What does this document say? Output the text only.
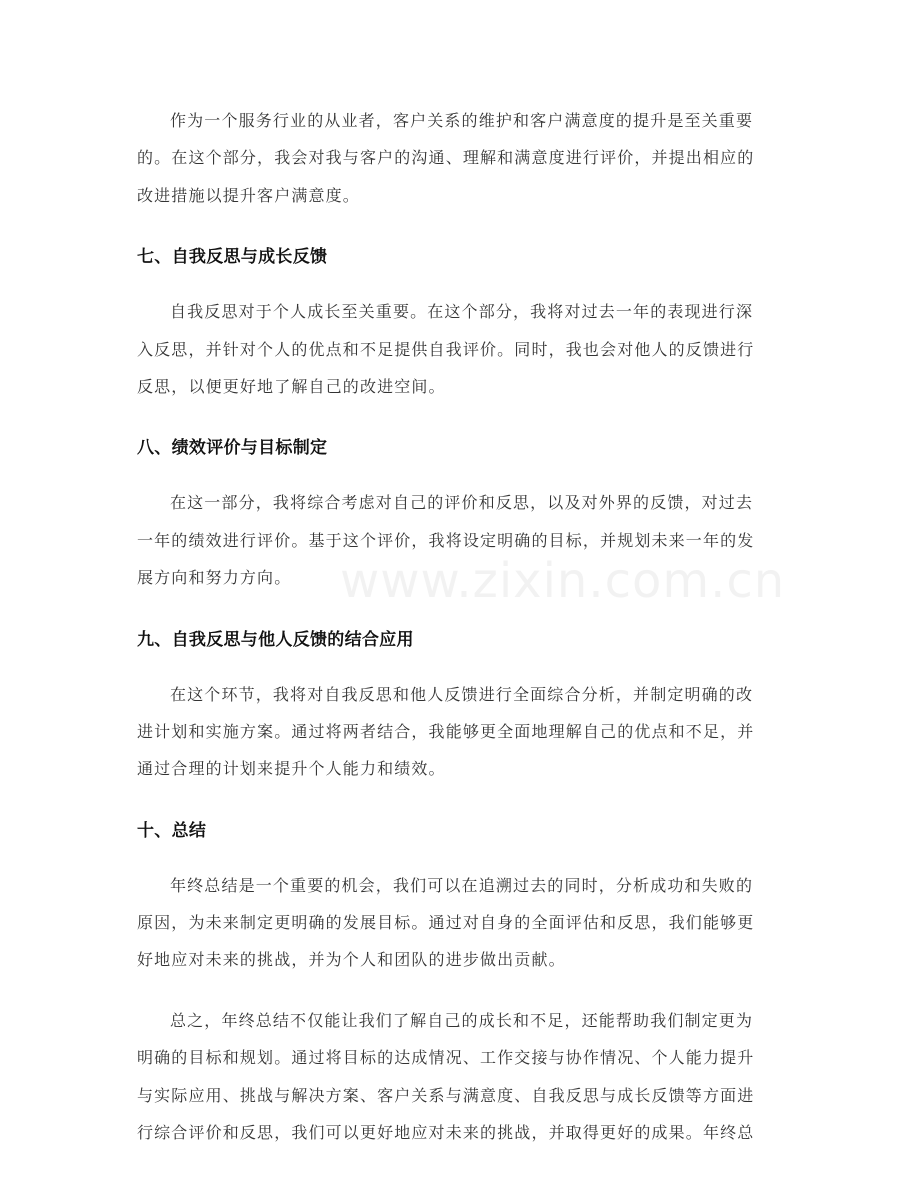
www.zixin.com.cn
作为一个服务行业的从业者，客户关系的维护和客户满意度的提升是至关重要
的。在这个部分，我会对我与客户的沟通、理解和满意度进行评价，并提出相应的
改进措施以提升客户满意度。
七、自我反思与成长反馈
自我反思对于个人成长至关重要。在这个部分，我将对过去一年的表现进行深
入反思，并针对个人的优点和不足提供自我评价。同时，我也会对他人的反馈进行
反思，以便更好地了解自己的改进空间。
八、绩效评价与目标制定
在这一部分，我将综合考虑对自己的评价和反思，以及对外界的反馈，对过去
一年的绩效进行评价。基于这个评价，我将设定明确的目标，并规划未来一年的发
展方向和努力方向。
九、自我反思与他人反馈的结合应用
在这个环节，我将对自我反思和他人反馈进行全面综合分析，并制定明确的改
进计划和实施方案。通过将两者结合，我能够更全面地理解自己的优点和不足，并
通过合理的计划来提升个人能力和绩效。
十、总结
年终总结是一个重要的机会，我们可以在追溯过去的同时，分析成功和失败的
原因，为未来制定更明确的发展目标。通过对自身的全面评估和反思，我们能够更
好地应对未来的挑战，并为个人和团队的进步做出贡献。
总之，年终总结不仅能让我们了解自己的成长和不足，还能帮助我们制定更为
明确的目标和规划。通过将目标的达成情况、工作交接与协作情况、个人能力提升
与实际应用、挑战与解决方案、客户关系与满意度、自我反思与成长反馈等方面进
行综合评价和反思，我们可以更好地应对未来的挑战，并取得更好的成果。年终总
